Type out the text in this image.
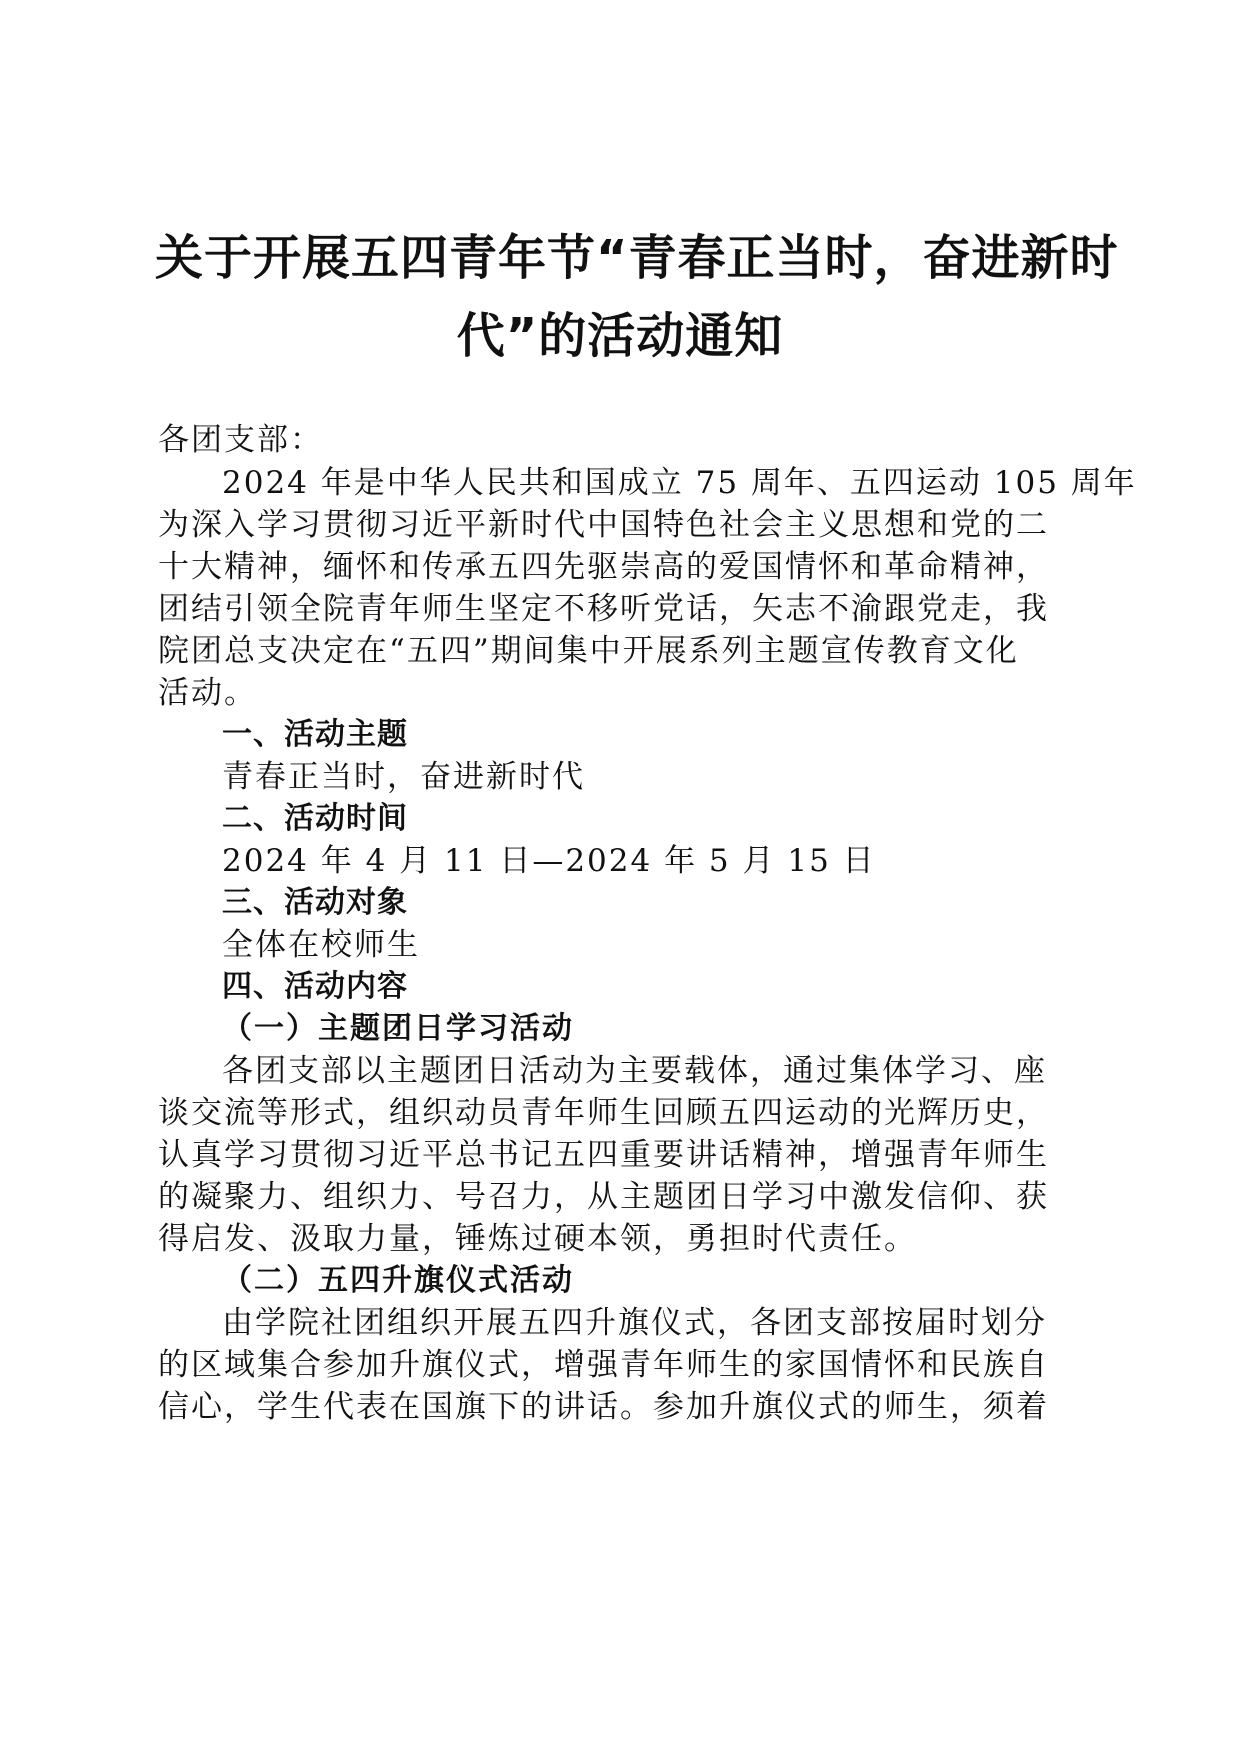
关于开展五四青年节“青春正当时，奋进新时
代”的活动通知

各团支部：

2024 年是中华人民共和国成立 75 周年、五四运动 105 周年

为深入学习贯彻习近平新时代中国特色社会主义思想和党的二

十大精神，缅怀和传承五四先驱崇高的爱国情怀和革命精神，

团结引领全院青年师生坚定不移听党话，矢志不渝跟党走，我

院团总支决定在“五四”期间集中开展系列主题宣传教育文化

活动。

一、活动主题

青春正当时，奋进新时代

二、活动时间

2024 年 4 月 11 日—2024 年 5 月 15 日

三、活动对象

全体在校师生

四、活动内容

（一）主题团日学习活动

各团支部以主题团日活动为主要载体，通过集体学习、座

谈交流等形式，组织动员青年师生回顾五四运动的光辉历史，

认真学习贯彻习近平总书记五四重要讲话精神，增强青年师生

的凝聚力、组织力、号召力，从主题团日学习中激发信仰、获

得启发、汲取力量，锤炼过硬本领，勇担时代责任。

（二）五四升旗仪式活动

由学院社团组织开展五四升旗仪式，各团支部按届时划分

的区域集合参加升旗仪式，增强青年师生的家国情怀和民族自

信心，学生代表在国旗下的讲话。参加升旗仪式的师生，须着
